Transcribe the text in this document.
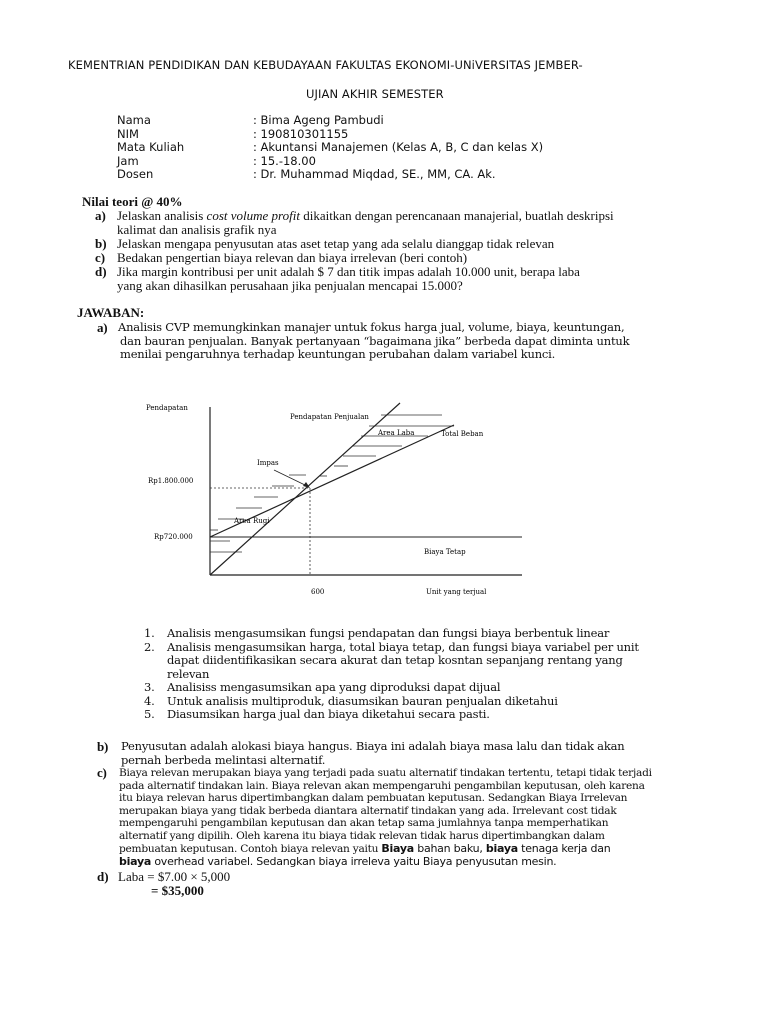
KEMENTRIAN PENDIDIKAN DAN KEBUDAYAAN FAKULTAS EKONOMI-UNiVERSITAS JEMBER-
UJIAN AKHIR SEMESTER
Nama	: Bima Ageng Pambudi
NIM	: 190810301155
Mata Kuliah	: Akuntansi Manajemen (Kelas A, B, C dan kelas X)
Jam	: 15.-18.00
Dosen	: Dr. Muhammad Miqdad, SE., MM, CA. Ak.
Nilai teori @ 40%
a) Jelaskan analisis cost volume profit dikaitkan dengan perencanaan manajerial, buatlah deskripsi
kalimat dan analisis grafik nya
b) Jelaskan mengapa penyusutan atas aset tetap yang ada selalu dianggap tidak relevan
c) Bedakan pengertian biaya relevan dan biaya irrelevan (beri contoh)
d) Jika margin kontribusi per unit adalah $ 7 dan titik impas adalah 10.000 unit, berapa laba
yang akan dihasilkan perusahaan jika penjualan mencapai 15.000?
JAWABAN:
a) Analisis CVP memungkinkan manajer untuk fokus harga jual, volume, biaya, keuntungan,
dan bauran penjualan. Banyak pertanyaan “bagaimana jika” berbeda dapat diminta untuk
menilai pengaruhnya terhadap keuntungan perubahan dalam variabel kunci.
Pendapatan
Rp1.800.000
Rp720.000
600	Unit yang terjual
Pendapatan Penjualan
Area Laba	Total Beban
Impas
Area Rugi
Biaya Tetap
1. Analisis mengasumsikan fungsi pendapatan dan fungsi biaya berbentuk linear
2. Analisis mengasumsikan harga, total biaya tetap, dan fungsi biaya variabel per unit
dapat diidentifikasikan secara akurat dan tetap kosntan sepanjang rentang yang
relevan
3. Analisiss mengasumsikan apa yang diproduksi dapat dijual
4. Untuk analisis multiproduk, diasumsikan bauran penjualan diketahui
5. Diasumsikan harga jual dan biaya diketahui secara pasti.
b) Penyusutan adalah alokasi biaya hangus. Biaya ini adalah biaya masa lalu dan tidak akan
pernah berbeda melintasi alternatif.
c) Biaya relevan merupakan biaya yang terjadi pada suatu alternatif tindakan tertentu, tetapi tidak terjadi
pada alternatif tindakan lain. Biaya relevan akan mempengaruhi pengambilan keputusan, oleh karena
itu biaya relevan harus dipertimbangkan dalam pembuatan keputusan. Sedangkan Biaya Irrelevan
merupakan biaya yang tidak berbeda diantara alternatif tindakan yang ada. Irrelevant cost tidak
mempengaruhi pengambilan keputusan dan akan tetap sama jumlahnya tanpa memperhatikan
alternatif yang dipilih. Oleh karena itu biaya tidak relevan tidak harus dipertimbangkan dalam
pembuatan keputusan. Contoh biaya relevan yaitu Biaya bahan baku, biaya tenaga kerja dan
biaya overhead variabel. Sedangkan biaya irreleva yaitu Biaya penyusutan mesin.
d) Laba = $7.00 × 5,000
= $35,000
